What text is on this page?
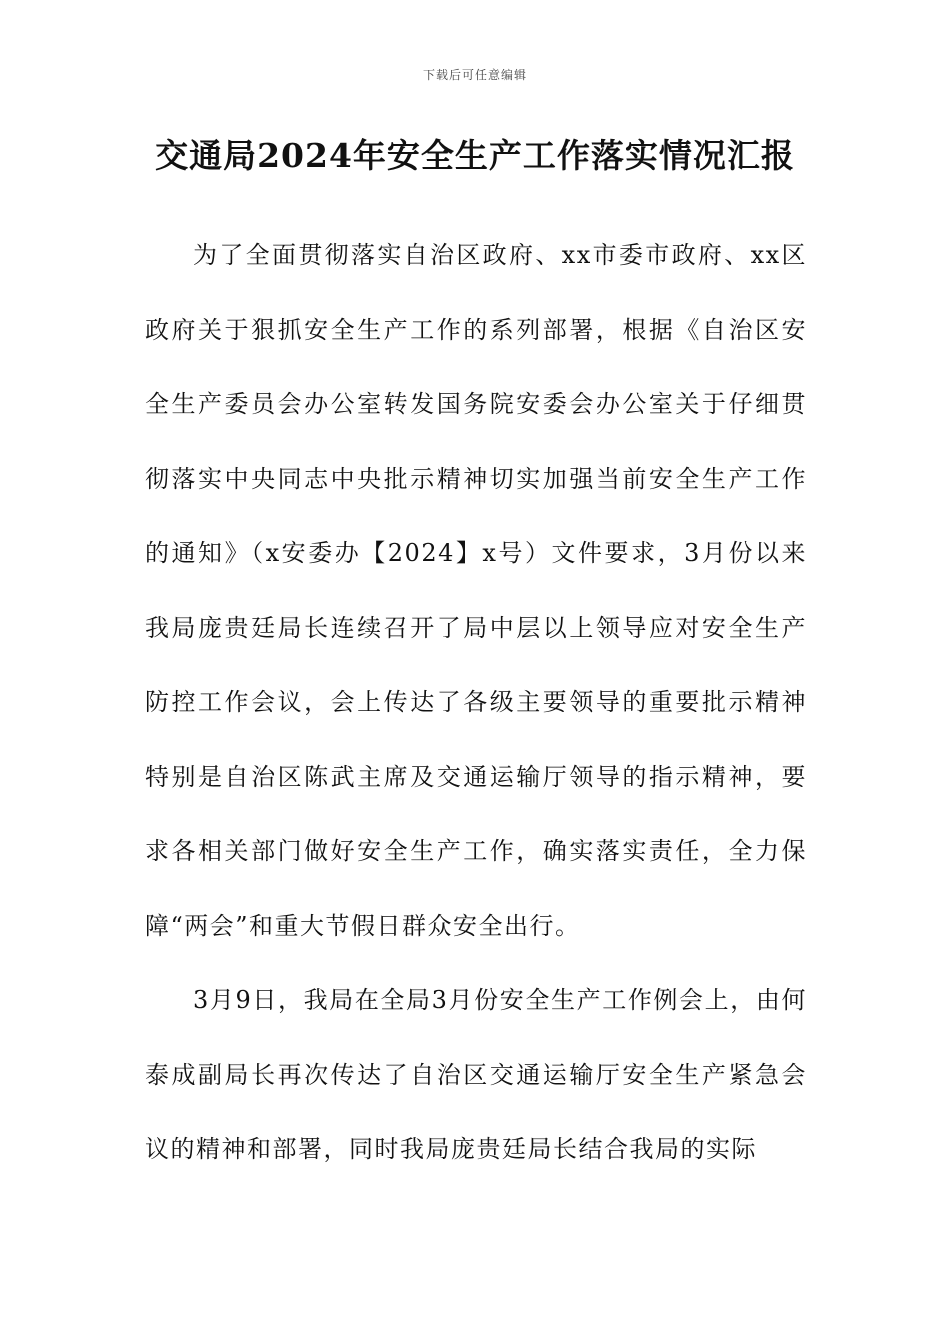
下载后可任意编辑
交通局2024年安全生产工作落实情况汇报

为了全面贯彻落实自治区政府、xx市委市政府、xx区政府关于狠抓安全生产工作的系列部署，根据《自治区安全生产委员会办公室转发国务院安委会办公室关于仔细贯彻落实中央同志中央批示精神切实加强当前安全生产工作的通知》（x安委办【2024】x号）文件要求，3月份以来我局庞贵廷局长连续召开了局中层以上领导应对安全生产防控工作会议，会上传达了各级主要领导的重要批示精神特别是自治区陈武主席及交通运输厅领导的指示精神，要求各相关部门做好安全生产工作，确实落实责任，全力保障“两会”和重大节假日群众安全出行。

3月9日，我局在全局3月份安全生产工作例会上，由何泰成副局长再次传达了自治区交通运输厅安全生产紧急会议的精神和部署，同时我局庞贵廷局长结合我局的实际
